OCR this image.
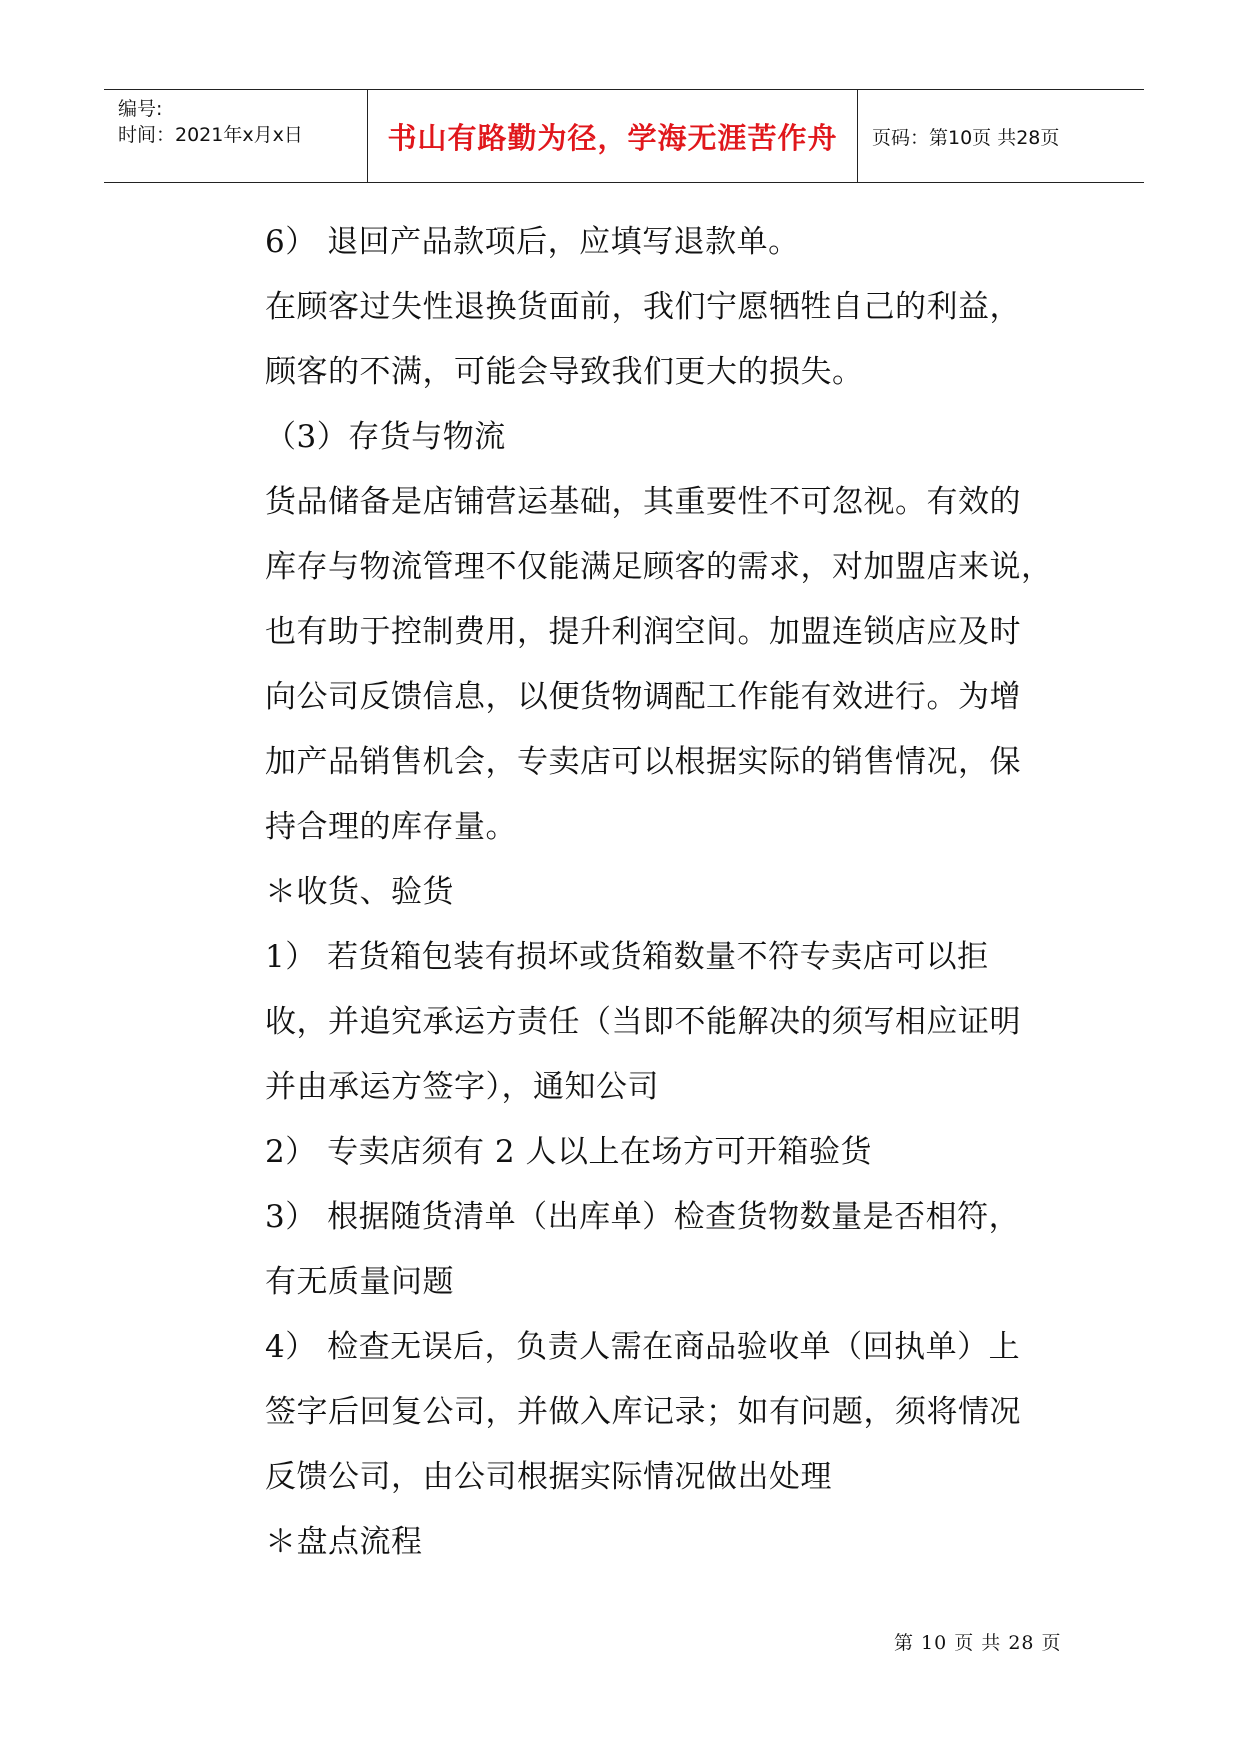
编号:
时间：2021年x月x日	书山有路勤为径，学海无涯苦作舟 页码：第10页 共28页

6） 退回产品款项后，应填写退款单。

在顾客过失性退换货面前，我们宁愿牺牲自己的利益，

顾客的不满，可能会导致我们更大的损失。

（3）存货与物流

货品储备是店铺营运基础，其重要性不可忽视。有效的

库存与物流管理不仅能满足顾客的需求，对加盟店来说，

也有助于控制费用，提升利润空间。加盟连锁店应及时

向公司反馈信息，以便货物调配工作能有效进行。为增

加产品销售机会，专卖店可以根据实际的销售情况，保

持合理的库存量。

＊收货、验货

1） 若货箱包装有损坏或货箱数量不符专卖店可以拒

收，并追究承运方责任（当即不能解决的须写相应证明

并由承运方签字），通知公司

2） 专卖店须有 2 人以上在场方可开箱验货

3） 根据随货清单（出库单）检查货物数量是否相符，

有无质量问题

4） 检查无误后，负责人需在商品验收单（回执单）上

签字后回复公司，并做入库记录；如有问题，须将情况

反馈公司，由公司根据实际情况做出处理

＊盘点流程

第 10 页 共 28 页
